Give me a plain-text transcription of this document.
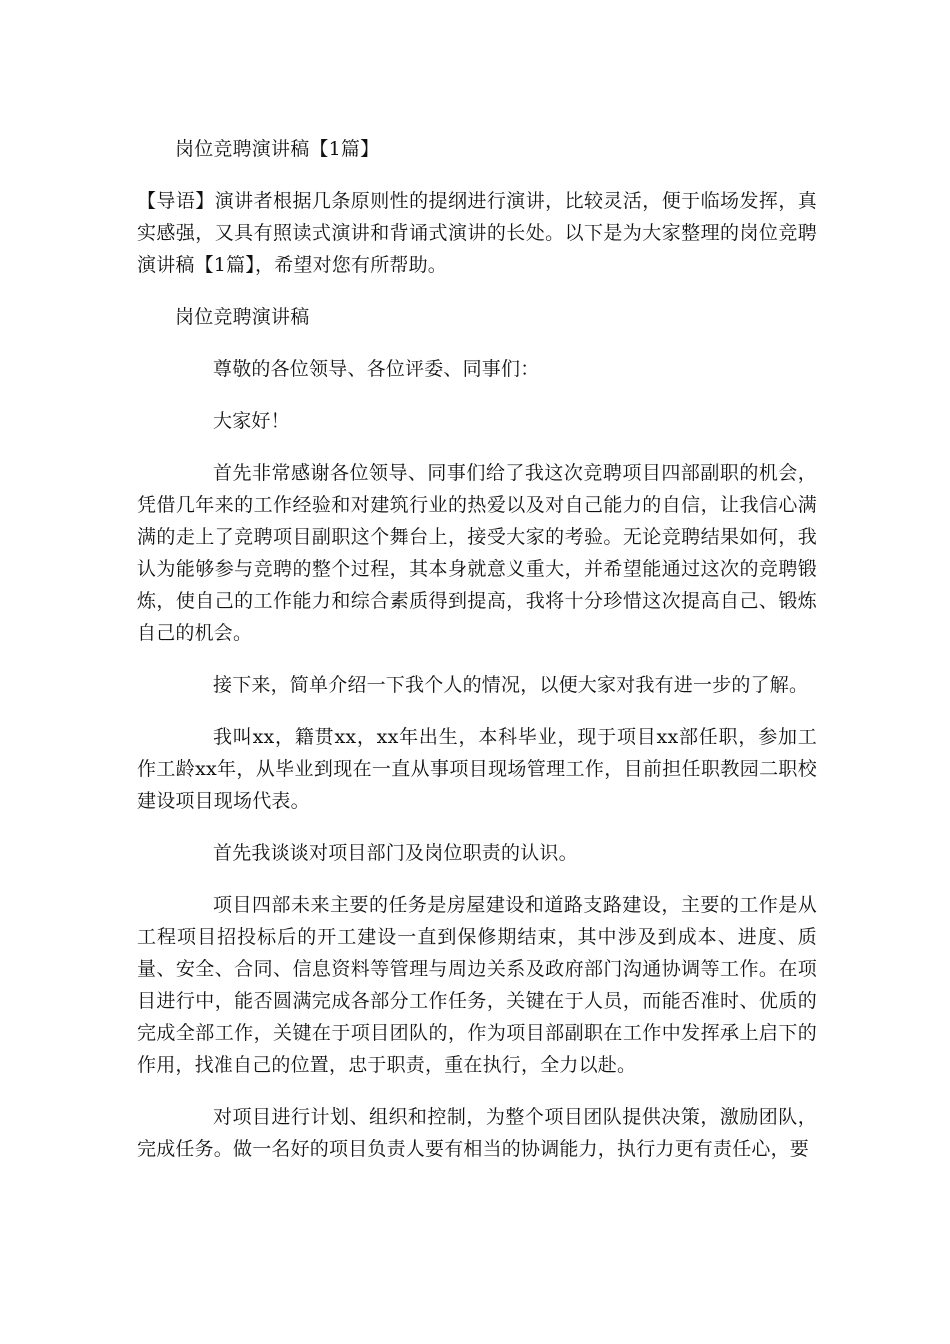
岗位竞聘演讲稿【1篇】

【导语】演讲者根据几条原则性的提纲进行演讲，比较灵活，便于临场发挥，真实感强，又具有照读式演讲和背诵式演讲的长处。以下是为大家整理的岗位竞聘演讲稿【1篇】，希望对您有所帮助。

岗位竞聘演讲稿

尊敬的各位领导、各位评委、同事们：

大家好！

首先非常感谢各位领导、同事们给了我这次竞聘项目四部副职的机会，凭借几年来的工作经验和对建筑行业的热爱以及对自己能力的自信，让我信心满满的走上了竞聘项目副职这个舞台上，接受大家的考验。无论竞聘结果如何，我认为能够参与竞聘的整个过程，其本身就意义重大，并希望能通过这次的竞聘锻炼，使自己的工作能力和综合素质得到提高，我将十分珍惜这次提高自己、锻炼自己的机会。

接下来，简单介绍一下我个人的情况，以便大家对我有进一步的了解。

我叫xx，籍贯xx，xx年出生，本科毕业，现于项目xx部任职，参加工作工龄xx年，从毕业到现在一直从事项目现场管理工作，目前担任职教园二职校建设项目现场代表。

首先我谈谈对项目部门及岗位职责的认识。

项目四部未来主要的任务是房屋建设和道路支路建设，主要的工作是从工程项目招投标后的开工建设一直到保修期结束，其中涉及到成本、进度、质量、安全、合同、信息资料等管理与周边关系及政府部门沟通协调等工作。在项目进行中，能否圆满完成各部分工作任务，关键在于人员，而能否准时、优质的完成全部工作，关键在于项目团队的，作为项目部副职在工作中发挥承上启下的作用，找准自己的位置，忠于职责，重在执行，全力以赴。

对项目进行计划、组织和控制，为整个项目团队提供决策，激励团队，完成任务。做一名好的项目负责人要有相当的协调能力，执行力更有责任心，要
